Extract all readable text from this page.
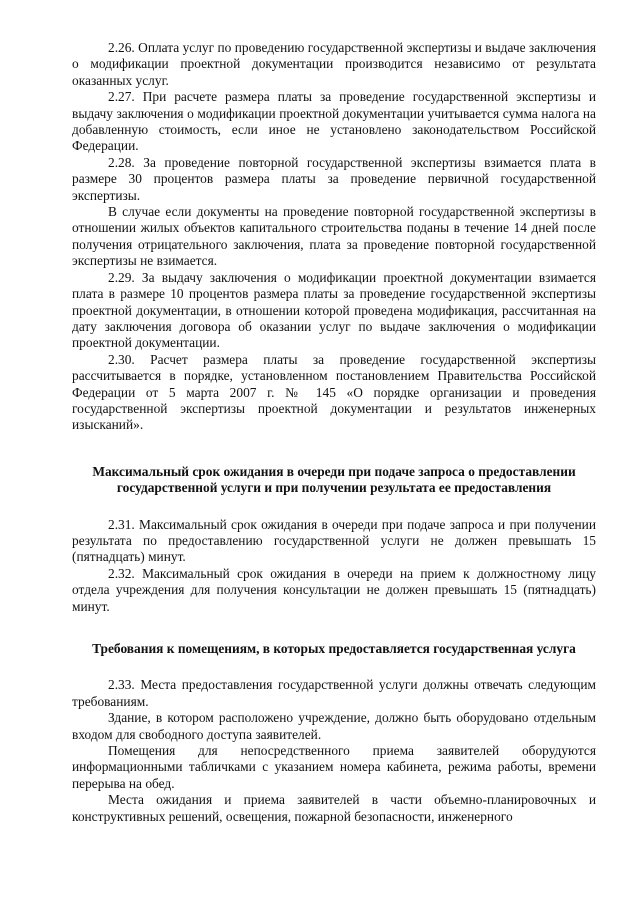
2.26. Оплата услуг по проведению государственной экспертизы и выдаче заключения о модификации проектной документации производится независимо от результата оказанных услуг.

2.27. При расчете размера платы за проведение государственной экспертизы и выдачу заключения о модификации проектной документации учитывается сумма налога на добавленную стоимость, если иное не установлено законодательством Российской Федерации.

2.28. За проведение повторной государственной экспертизы взимается плата в размере 30 процентов размера платы за проведение первичной государственной экспертизы.

В случае если документы на проведение повторной государственной экспертизы в отношении жилых объектов капитального строительства поданы в течение 14 дней после получения отрицательного заключения, плата за проведение повторной государственной экспертизы не взимается.

2.29. За выдачу заключения о модификации проектной документации взимается плата в размере 10 процентов размера платы за проведение государственной экспертизы проектной документации, в отношении которой проведена модификация, рассчитанная на дату заключения договора об оказании услуг по выдаче заключения о модификации проектной документации.

2.30. Расчет размера платы за проведение государственной экспертизы рассчитывается в порядке, установленном постановлением Правительства Российской Федерации от 5 марта 2007 г. № 145 «О порядке организации и проведения государственной экспертизы проектной документации и результатов инженерных изысканий».

Максимальный срок ожидания в очереди при подаче запроса о предоставлении государственной услуги и при получении результата ее предоставления

2.31. Максимальный срок ожидания в очереди при подаче запроса и при получении результата по предоставлению государственной услуги не должен превышать 15 (пятнадцать) минут.

2.32. Максимальный срок ожидания в очереди на прием к должностному лицу отдела учреждения для получения консультации не должен превышать 15 (пятнадцать) минут.

Требования к помещениям, в которых предоставляется государственная услуга

2.33. Места предоставления государственной услуги должны отвечать следующим требованиям.

Здание, в котором расположено учреждение, должно быть оборудовано отдельным входом для свободного доступа заявителей.

Помещения для непосредственного приема заявителей оборудуются информационными табличками с указанием номера кабинета, режима работы, времени перерыва на обед.

Места ожидания и приема заявителей в части объемно-планировочных и конструктивных решений, освещения, пожарной безопасности, инженерного
